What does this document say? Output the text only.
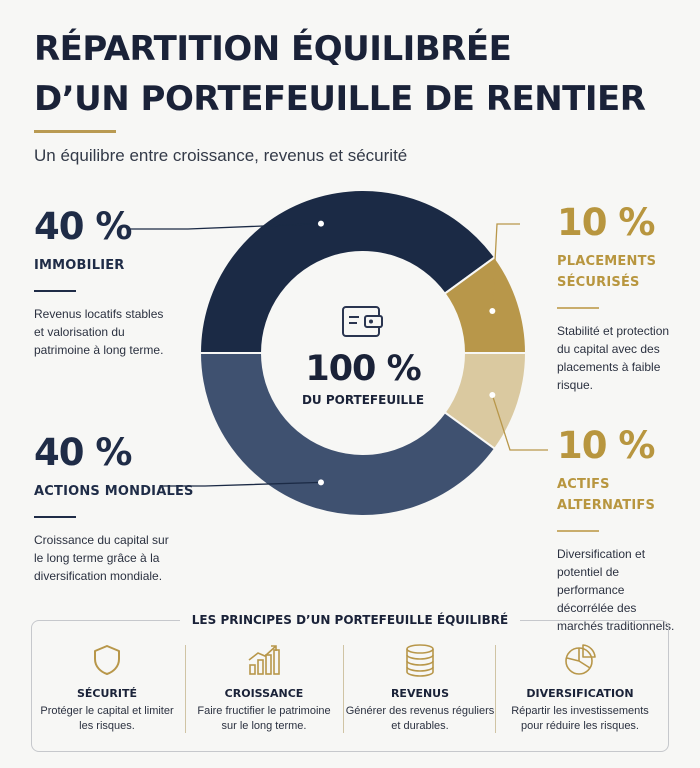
RÉPARTITION ÉQUILIBRÉE
D’UN PORTEFEUILLE DE RENTIER
Un équilibre entre croissance, revenus et sécurité
100 %
DU PORTEFEUILLE
40 %
IMMOBILIER
Revenus locatifs stables et valorisation du patrimoine à long terme.
40 %
ACTIONS MONDIALES
Croissance du capital sur le long terme grâce à la diversification mondiale.
10 %
PLACEMENTS SÉCURISÉS
Stabilité et protection du capital avec des placements à faible risque.
10 %
ACTIFS ALTERNATIFS
Diversification et potentiel de performance décorrélée des marchés traditionnels.
LES PRINCIPES D’UN PORTEFEUILLE ÉQUILIBRÉ
SÉCURITÉ
Protéger le capital et limiter les risques.
CROISSANCE
Faire fructifier le patrimoine sur le long terme.
REVENUS
Générer des revenus réguliers et durables.
DIVERSIFICATION
Répartir les investissements pour réduire les risques.
